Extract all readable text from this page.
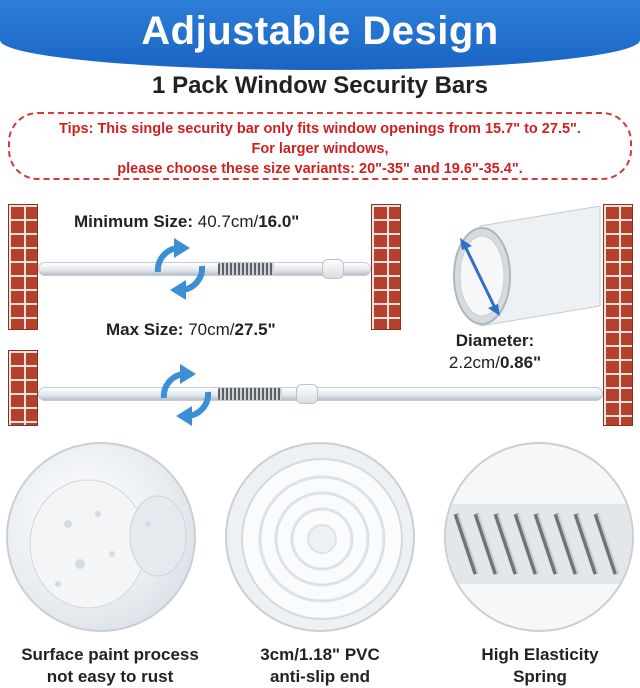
Adjustable Design
1 Pack Window Security Bars
Tips: This single security bar only fits window openings from 15.7" to 27.5".
For larger windows,
please choose these size variants: 20"-35" and 19.6"-35.4".
Minimum Size: 40.7cm/16.0"
Max Size: 70cm/27.5"
Diameter:
2.2cm/0.86"
Surface paint process
not easy to rust
3cm/1.18" PVC
anti-slip end
High Elasticity
Spring
